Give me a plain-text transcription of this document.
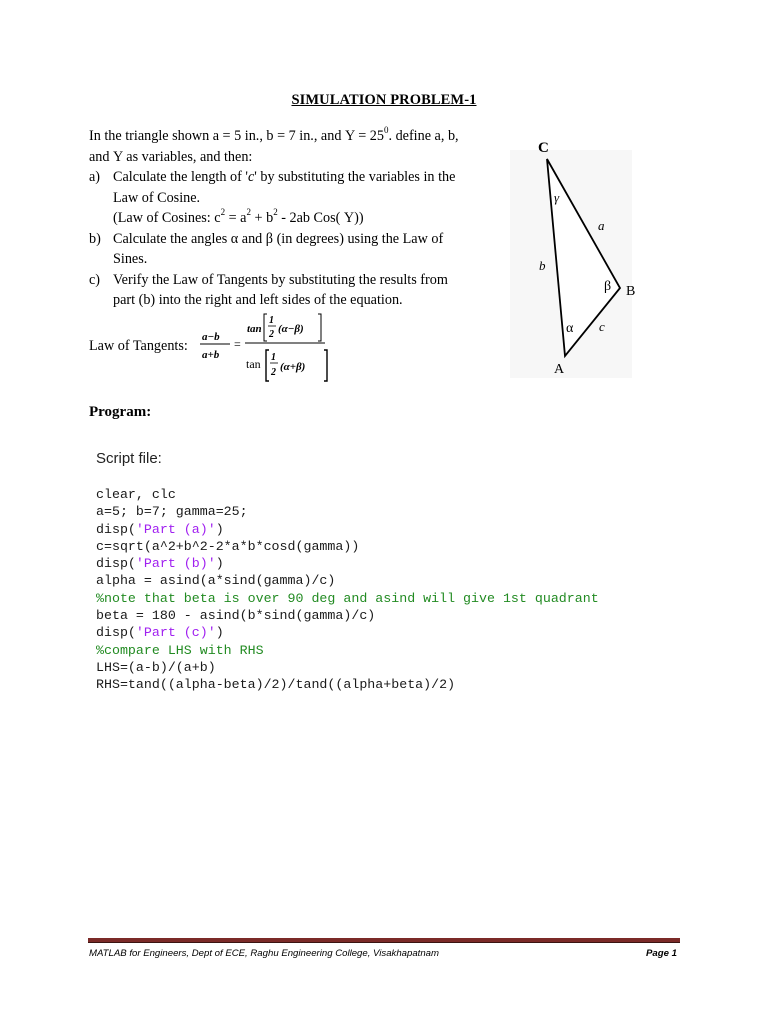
SIMULATION PROBLEM-1

In the triangle shown a = 5 in., b = 7 in., and $\Upsilon = 25^0$. define a, b,

and Υ as variables, and then:

a) Calculate the length of 'c' by substituting the variables in the

Law of Cosine.

(Law of Cosines: $c^2 = a^2 + b^2 - 2ab$ Cos( Υ))

b) Calculate the angles α and β (in degrees) using the Law of

Sines.

c) Verify the Law of Tangents by substituting the results from

part (b) into the right and left sides of the equation.

Law of Tangents:
a−b
a+b
=
tan
1
2 (α−β)
tan 1
2 (α+β)
C
B
A
a
b
c
γ
α
β
Program:
Script file:
clear, clc
a=5; b=7; gamma=25;
disp('Part (a)')
c=sqrt(a^2+b^2-2*a*b*cosd(gamma))
disp('Part (b)')
alpha = asind(a*sind(gamma)/c)
%note that beta is over 90 deg and asind will give 1st quadrant
beta = 180 - asind(b*sind(gamma)/c)
disp('Part (c)')
%compare LHS with RHS
LHS=(a-b)/(a+b)
RHS=tand((alpha-beta)/2)/tand((alpha+beta)/2)
MATLAB for Engineers, Dept of ECE, Raghu Engineering College, Visakhapatnam	Page 1
